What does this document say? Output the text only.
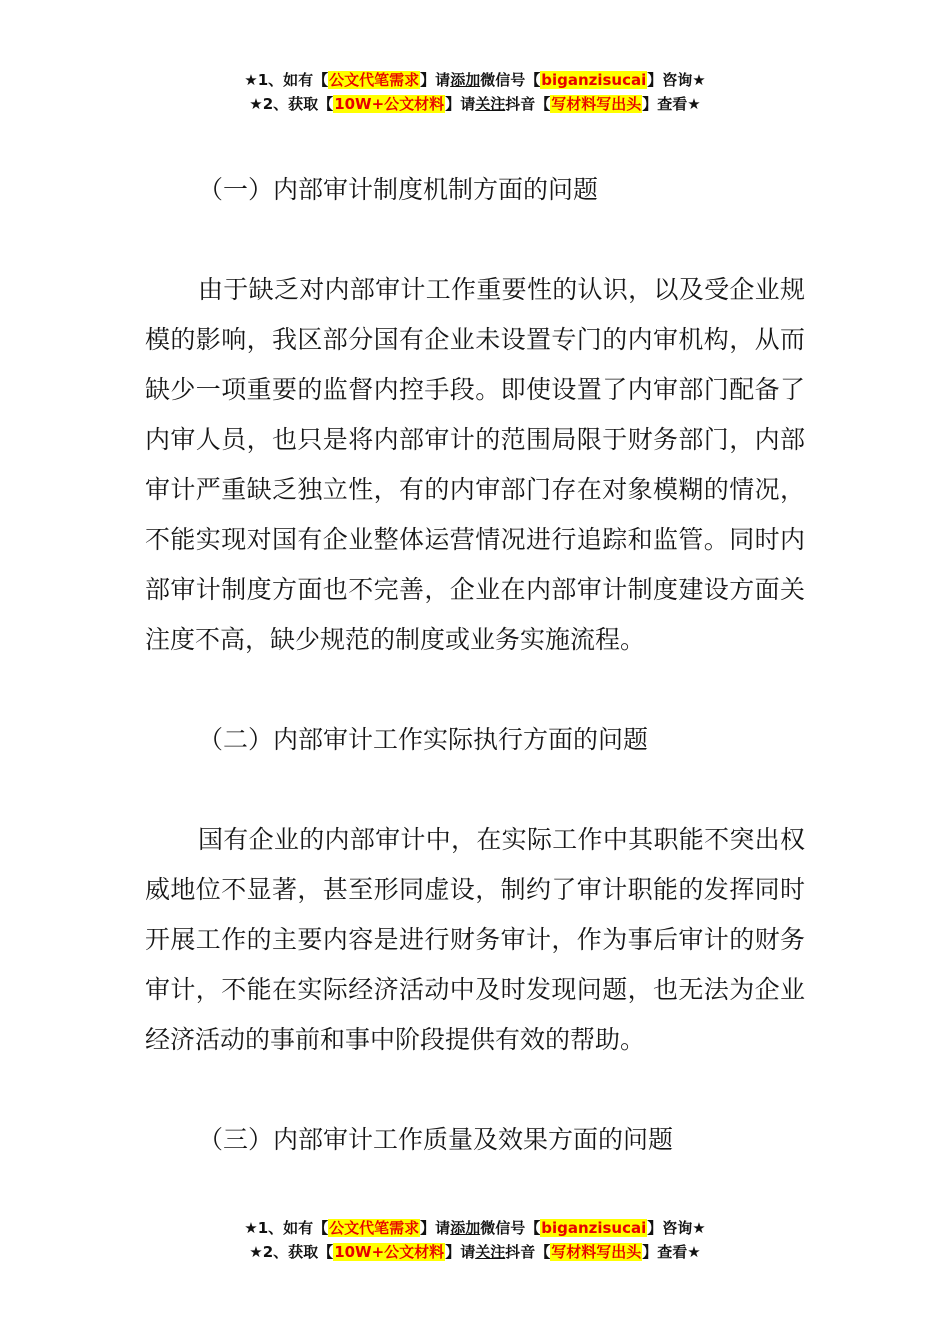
★1、如有【公文代笔需求】请添加微信号【biganzisucai】咨询★
★2、获取【10W+公文材料】请关注抖音【写材料写出头】查看★

（一）内部审计制度机制方面的问题

由于缺乏对内部审计工作重要性的认识，以及受企业规模的影响，我区部分国有企业未设置专门的内审机构，从而缺少一项重要的监督内控手段。即使设置了内审部门配备了内审人员，也只是将内部审计的范围局限于财务部门，内部审计严重缺乏独立性，有的内审部门存在对象模糊的情况，不能实现对国有企业整体运营情况进行追踪和监管。同时内部审计制度方面也不完善，企业在内部审计制度建设方面关注度不高，缺少规范的制度或业务实施流程。

（二）内部审计工作实际执行方面的问题

国有企业的内部审计中，在实际工作中其职能不突出权威地位不显著，甚至形同虚设，制约了审计职能的发挥同时开展工作的主要内容是进行财务审计，作为事后审计的财务审计，不能在实际经济活动中及时发现问题，也无法为企业经济活动的事前和事中阶段提供有效的帮助。

（三）内部审计工作质量及效果方面的问题

★1、如有【公文代笔需求】请添加微信号【biganzisucai】咨询★
★2、获取【10W+公文材料】请关注抖音【写材料写出头】查看★
